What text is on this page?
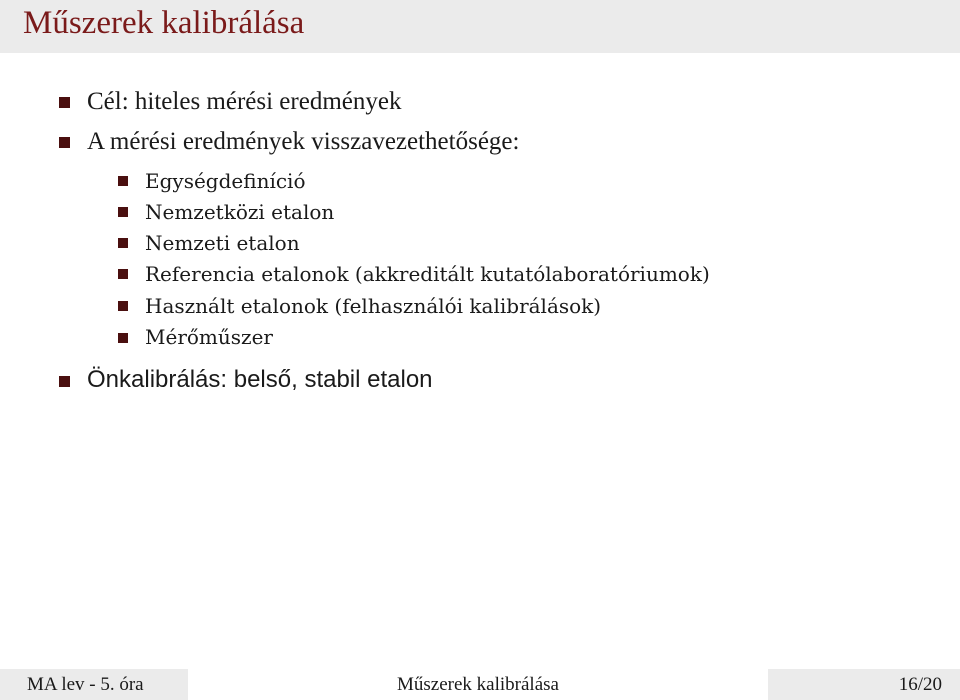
Műszerek kalibrálása
Cél: hiteles mérési eredmények
A mérési eredmények visszavezethetősége:
Egységdefiníció
Nemzetközi etalon
Nemzeti etalon
Referencia etalonok (akkreditált kutatólaboratóriumok)
Használt etalonok (felhasználói kalibrálások)
Mérőműszer
Önkalibrálás: belső, stabil etalon
MA lev - 5. óra	Műszerek kalibrálása	16/20
